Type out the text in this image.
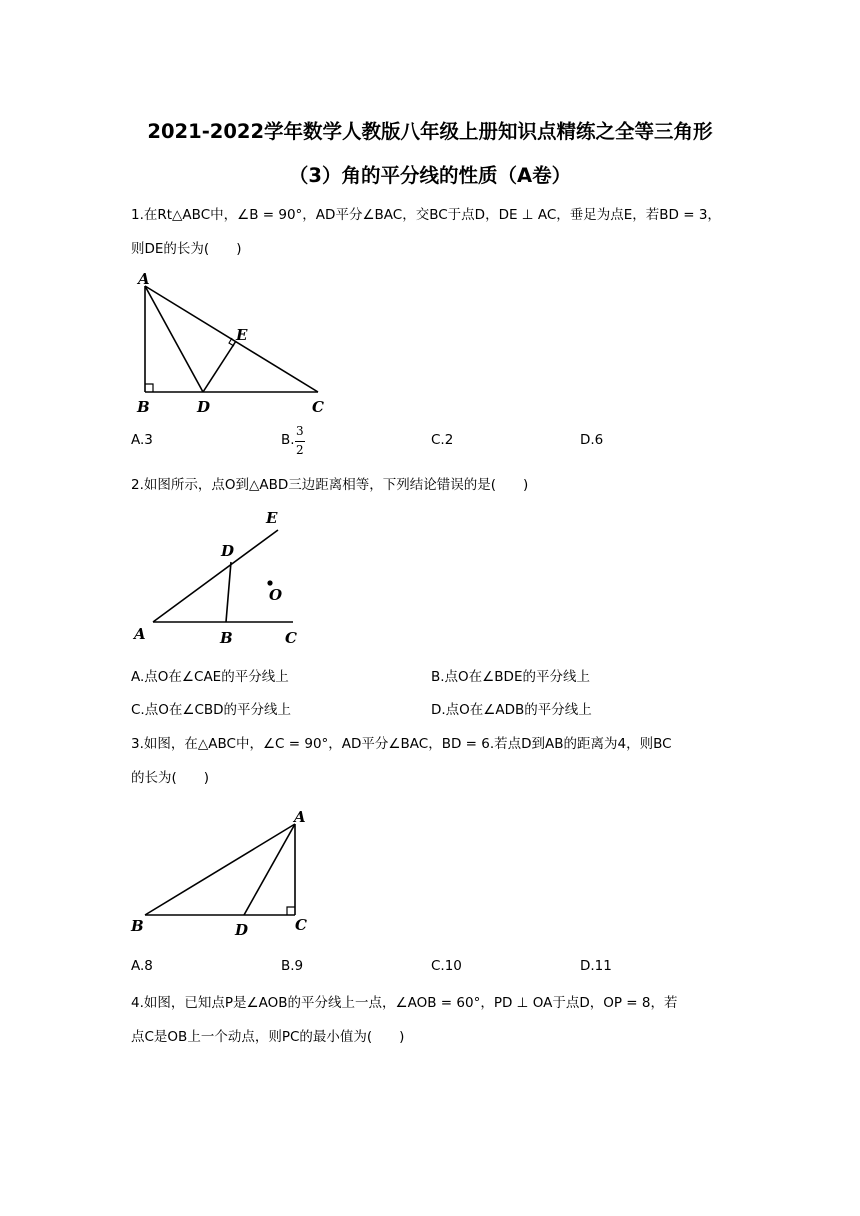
2021-2022学年数学人教版八年级上册知识点精练之全等三角形
（3）角的平分线的性质（A卷）
1.在Rt△ABC中，∠B = 90°，AD平分∠BAC，交BC于点D，DE ⊥ AC，垂足为点E，若BD = 3，
则DE的长为(　　)
A
B	D	C
E
A.3	B.
3
2
C.2	D.6
2.如图所示，点O到△ABD三边距离相等，下列结论错误的是(　　)
A	B	C
D
E
O
A.点O在∠CAE的平分线上	B.点O在∠BDE的平分线上
C.点O在∠CBD的平分线上	D.点O在∠ADB的平分线上
3.如图，在△ABC中，∠C = 90°，AD平分∠BAC，BD = 6.若点D到AB的距离为4，则BC
的长为(　　)
A
B	D	C
A.8	B.9	C.10	D.11
4.如图，已知点P是∠AOB的平分线上一点，∠AOB = 60°，PD ⊥ OA于点D，OP = 8，若
点C是OB上一个动点，则PC的最小值为(　　)
